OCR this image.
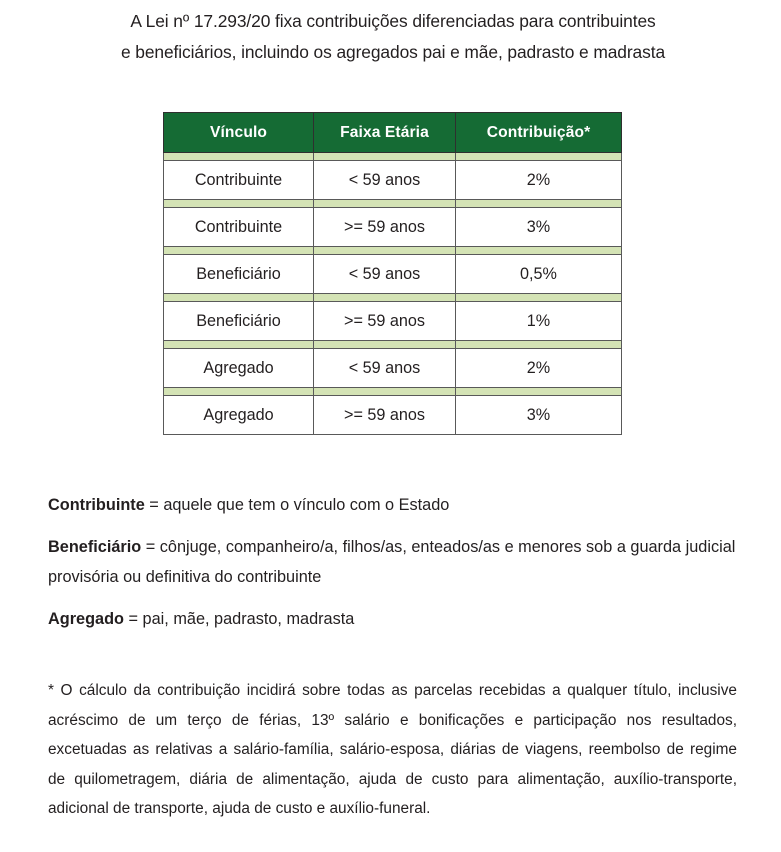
A Lei nº 17.293/20 fixa contribuições diferenciadas para contribuintes
e beneficiários, incluindo os agregados pai e mãe, padrasto e madrasta
Vínculo	Faixa Etária	Contribuição*

Contribuinte	< 59 anos	2%

Contribuinte	>= 59 anos	3%

Beneficiário	< 59 anos	0,5%

Beneficiário	>= 59 anos	1%

Agregado	< 59 anos	2%

Agregado	>= 59 anos	3%

Contribuinte = aquele que tem o vínculo com o Estado

Beneficiário = cônjuge, companheiro/a, filhos/as, enteados/as e menores sob a guarda judicial provisória ou definitiva do contribuinte

Agregado = pai, mãe, padrasto, madrasta

* O cálculo da contribuição incidirá sobre todas as parcelas recebidas a qualquer título, inclusive acréscimo de um terço de férias, 13º salário e bonificações e participação nos resultados, excetuadas as relativas a salário-família, salário-esposa, diárias de viagens, reembolso de regime de quilometragem, diária de alimentação, ajuda de custo para alimentação, auxílio-transporte, adicional de transporte, ajuda de custo e auxílio-funeral.
